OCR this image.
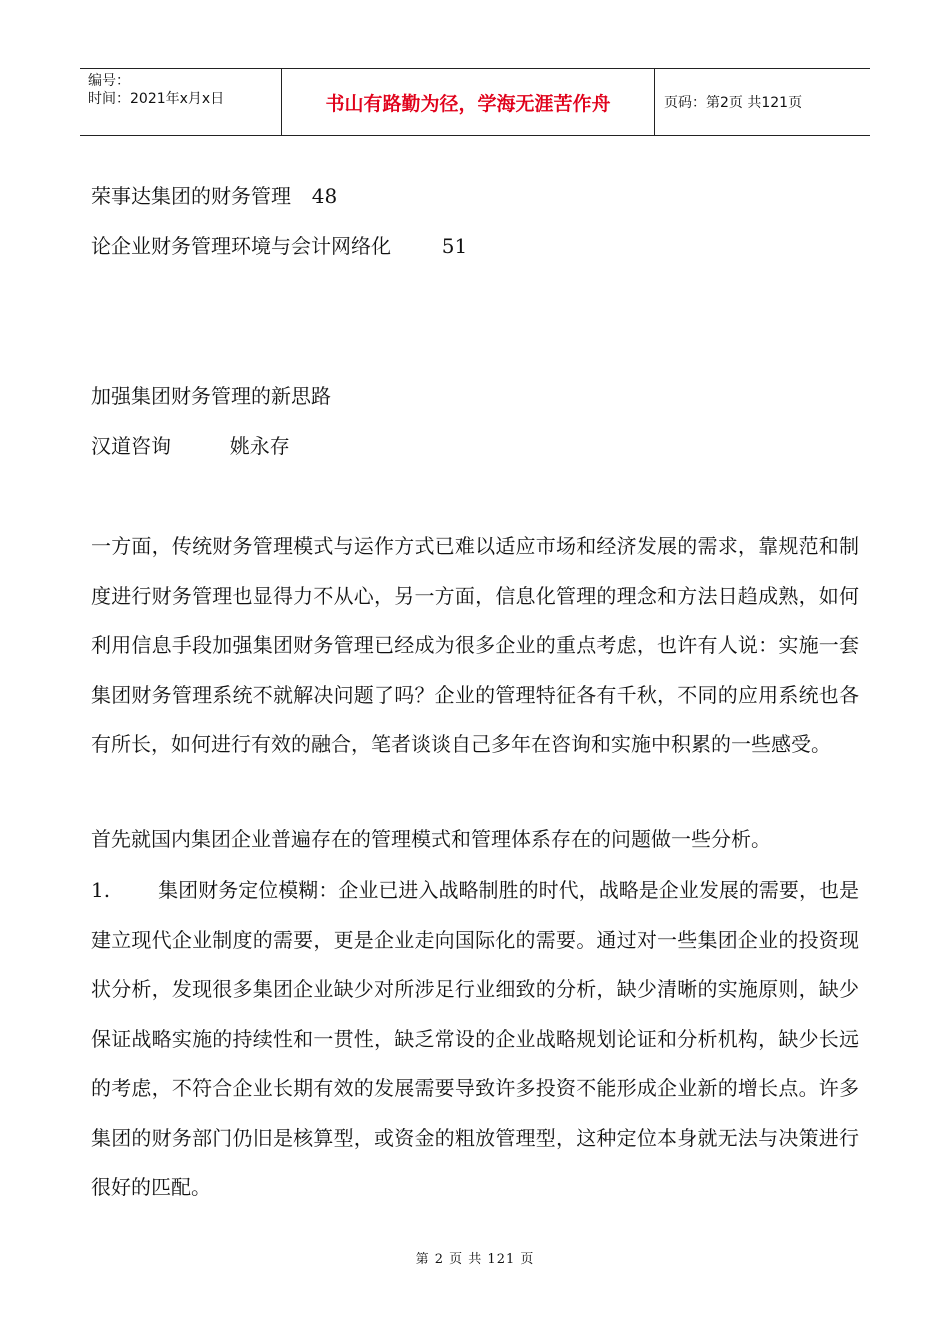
编号：
时间：2021年x月x日	书山有路勤为径，学海无涯苦作舟	页码：第2页 共121页
荣事达集团的财务管理 48
论企业财务管理环境与会计网络化	51
加强集团财务管理的新思路
汉道咨询	姚永存
一方面，传统财务管理模式与运作方式已难以适应市场和经济发展的需求，靠规范和制度进行财务管理也显得力不从心，另一方面，信息化管理的理念和方法日趋成熟，如何利用信息手段加强集团财务管理已经成为很多企业的重点考虑，也许有人说：实施一套集团财务管理系统不就解决问题了吗？企业的管理特征各有千秋，不同的应用系统也各有所长，如何进行有效的融合，笔者谈谈自己多年在咨询和实施中积累的一些感受。
首先就国内集团企业普遍存在的管理模式和管理体系存在的问题做一些分析。
1. 集团财务定位模糊：企业已进入战略制胜的时代，战略是企业发展的需要，也是建立现代企业制度的需要，更是企业走向国际化的需要。通过对一些集团企业的投资现状分析，发现很多集团企业缺少对所涉足行业细致的分析，缺少清晰的实施原则，缺少保证战略实施的持续性和一贯性，缺乏常设的企业战略规划论证和分析机构，缺少长远的考虑，不符合企业长期有效的发展需要导致许多投资不能形成企业新的增长点。许多集团的财务部门仍旧是核算型，或资金的粗放管理型，这种定位本身就无法与决策进行很好的匹配。
第 2 页 共 121 页
